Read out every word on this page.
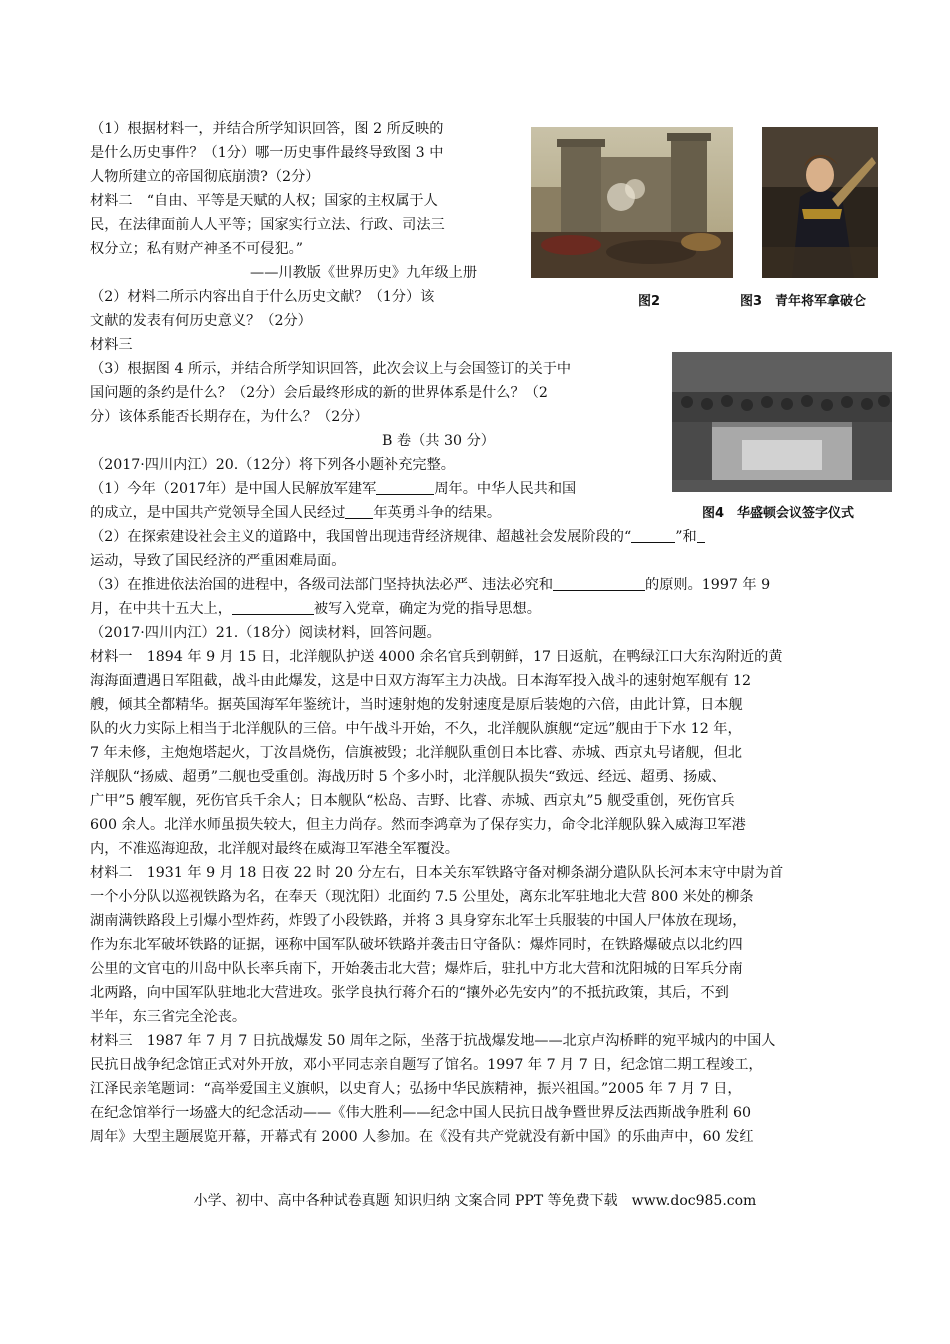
（1）根据材料一，并结合所学知识回答，图 2 所反映的
是什么历史事件？（1分）哪一历史事件最终导致图 3 中
人物所建立的帝国彻底崩溃?（2分）
材料二　“自由、平等是天赋的人权；国家的主权属于人
民，在法律面前人人平等；国家实行立法、行政、司法三
权分立；私有财产神圣不可侵犯。”
——川教版《世界历史》九年级上册
（2）材料二所示内容出自于什么历史文献？（1分）该
文献的发表有何历史意义？（2分）
材料三
（3）根据图 4 所示，并结合所学知识回答，此次会议上与会国签订的关于中
国问题的条约是什么？（2分）会后最终形成的新的世界体系是什么？（2
分）该体系能否长期存在，为什么？（2分）
图2	图3　青年将军拿破仑
图4　华盛顿会议签字仪式
B 卷（共 30 分）
（2017·四川内江）20.（12分）将下列各小题补充完整。
（1）今年（2017年）是中国人民解放军建军	周年。中华人民共和国
的成立，是中国共产党领导全国人民经过 年英勇斗争的结果。
（2）在探索建设社会主义的道路中，我国曾出现违背经济规律、超越社会发展阶段的“	”和
运动，导致了国民经济的严重困难局面。
（3）在推进依法治国的进程中，各级司法部门坚持执法必严、违法必究和	的原则。1997 年 9
月，在中共十五大上，	被写入党章，确定为党的指导思想。
（2017·四川内江）21.（18分）阅读材料，回答问题。
材料一　1894 年 9 月 15 日，北洋舰队护送 4000 余名官兵到朝鲜，17 日返航，在鸭绿江口大东沟附近的黄
海海面遭遇日军阻截，战斗由此爆发，这是中日双方海军主力决战。日本海军投入战斗的速射炮军舰有 12
艘，倾其全都精华。据英国海军年鉴统计，当时速射炮的发射速度是原后装炮的六倍，由此计算，日本舰
队的火力实际上相当于北洋舰队的三倍。中午战斗开始，不久，北洋舰队旗舰“定远”舰由于下水 12 年，
7 年未修，主炮炮塔起火，丁汝昌烧伤，信旗被毁；北洋舰队重创日本比睿、赤城、西京丸号诸舰，但北
洋舰队“扬威、超勇”二舰也受重创。海战历时 5 个多小时，北洋舰队损失“致远、经远、超勇、扬威、
广甲”5 艘军舰，死伤官兵千余人；日本舰队“松岛、吉野、比睿、赤城、西京丸”5 舰受重创，死伤官兵
600 余人。北洋水师虽损失较大，但主力尚存。然而李鸿章为了保存实力，命令北洋舰队躲入威海卫军港
内，不准巡海迎敌，北洋舰对最终在威海卫军港全军覆没。
材料二　1931 年 9 月 18 日夜 22 时 20 分左右，日本关东军铁路守备对柳条湖分遣队队长河本末守中尉为首
一个小分队以巡视铁路为名，在奉天（现沈阳）北面约 7.5 公里处，离东北军驻地北大营 800 米处的柳条
湖南满铁路段上引爆小型炸药，炸毁了小段铁路，并将 3 具身穿东北军士兵服装的中国人尸体放在现场，
作为东北军破坏铁路的证据，诬称中国军队破坏铁路并袭击日守备队：爆炸同时，在铁路爆破点以北约四
公里的文官屯的川岛中队长率兵南下，开始袭击北大营；爆炸后，驻扎中方北大营和沈阳城的日军兵分南
北两路，向中国军队驻地北大营进攻。张学良执行蒋介石的“攘外必先安内”的不抵抗政策，其后，不到
半年，东三省完全沦丧。
材料三　1987 年 7 月 7 日抗战爆发 50 周年之际，坐落于抗战爆发地——北京卢沟桥畔的宛平城内的中国人
民抗日战争纪念馆正式对外开放，邓小平同志亲自题写了馆名。1997 年 7 月 7 日，纪念馆二期工程竣工，
江泽民亲笔题词：“高举爱国主义旗帜，以史育人；弘扬中华民族精神，振兴祖国。”2005 年 7 月 7 日，
在纪念馆举行一场盛大的纪念活动——《伟大胜利——纪念中国人民抗日战争暨世界反法西斯战争胜利 60
周年》大型主题展览开幕，开幕式有 2000 人参加。在《没有共产党就没有新中国》的乐曲声中，60 发红
小学、初中、高中各种试卷真题 知识归纳 文案合同 PPT 等免费下载　www.doc985.com
